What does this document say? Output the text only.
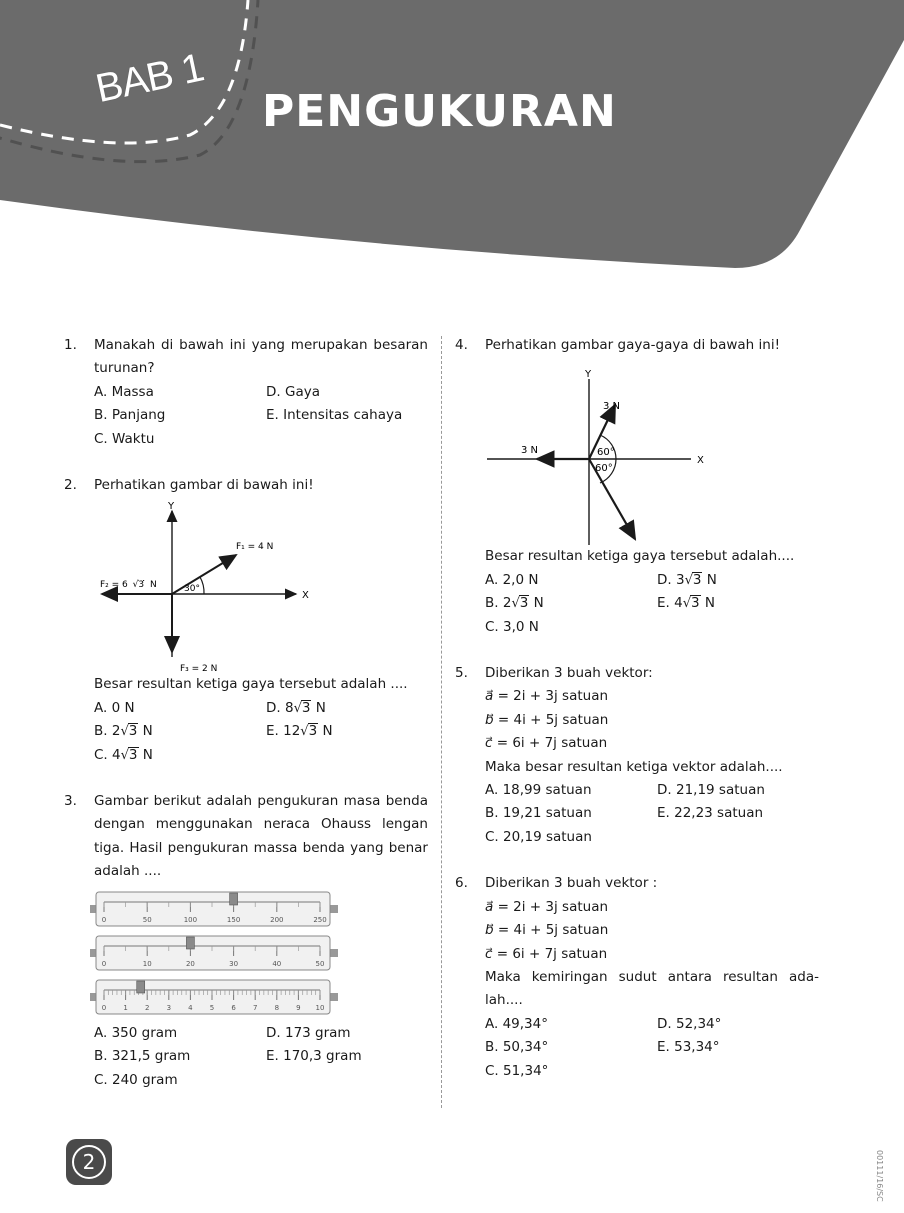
BAB 1
PENGUKURAN
1. Manakah di bawah ini yang merupakan besaran turunan?
A. Massa	D. Gaya
B. Panjang	E. Intensitas cahaya
C. Waktu
2. Perhatikan gambar di bawah ini!
Y
X
F₁ = 4 N
F₂ = 6 √3 N
F₃ = 2 N
30°
Besar resultan ketiga gaya tersebut adalah ....
A. 0 N	D. 8√3 N
B. 2√3 N	E. 12√3 N
C. 4√3 N
3. Gambar berikut adalah pengukuran masa benda dengan menggunakan neraca Ohauss lengan tiga. Hasil pengukuran massa benda yang benar adalah ....
0	50	100	150	200	250
0	10	20	30	40	50
0 1 2 3 4 5 6 7 8 9 10
A. 350 gram	D. 173 gram
B. 321,5 gram	E. 170,3 gram
C. 240 gram
4. Perhatikan gambar gaya-gaya di bawah ini!
Y
X
3 N
3 N	60°
60°
Besar resultan ketiga gaya tersebut adalah....
A. 2,0 N	D. 3√3 N
B. 2√3 N	E. 4√3 N
C. 3,0 N
5. Diberikan 3 buah vektor:
a⃗ = 2i + 3j satuan
b⃗ = 4i + 5j satuan
c⃗ = 6i + 7j satuan
Maka besar resultan ketiga vektor adalah....
A. 18,99 satuan	D. 21,19 satuan
B. 19,21 satuan	E. 22,23 satuan
C. 20,19 satuan
6. Diberikan 3 buah vektor :
a⃗ = 2i + 3j satuan
b⃗ = 4i + 5j satuan
c⃗ = 6i + 7j satuan
Maka kemiringan sudut antara resultan ada-lah....
A. 49,34°	D. 52,34°
B. 50,34°	E. 53,34°
C. 51,34°
2	00111/16/SC
